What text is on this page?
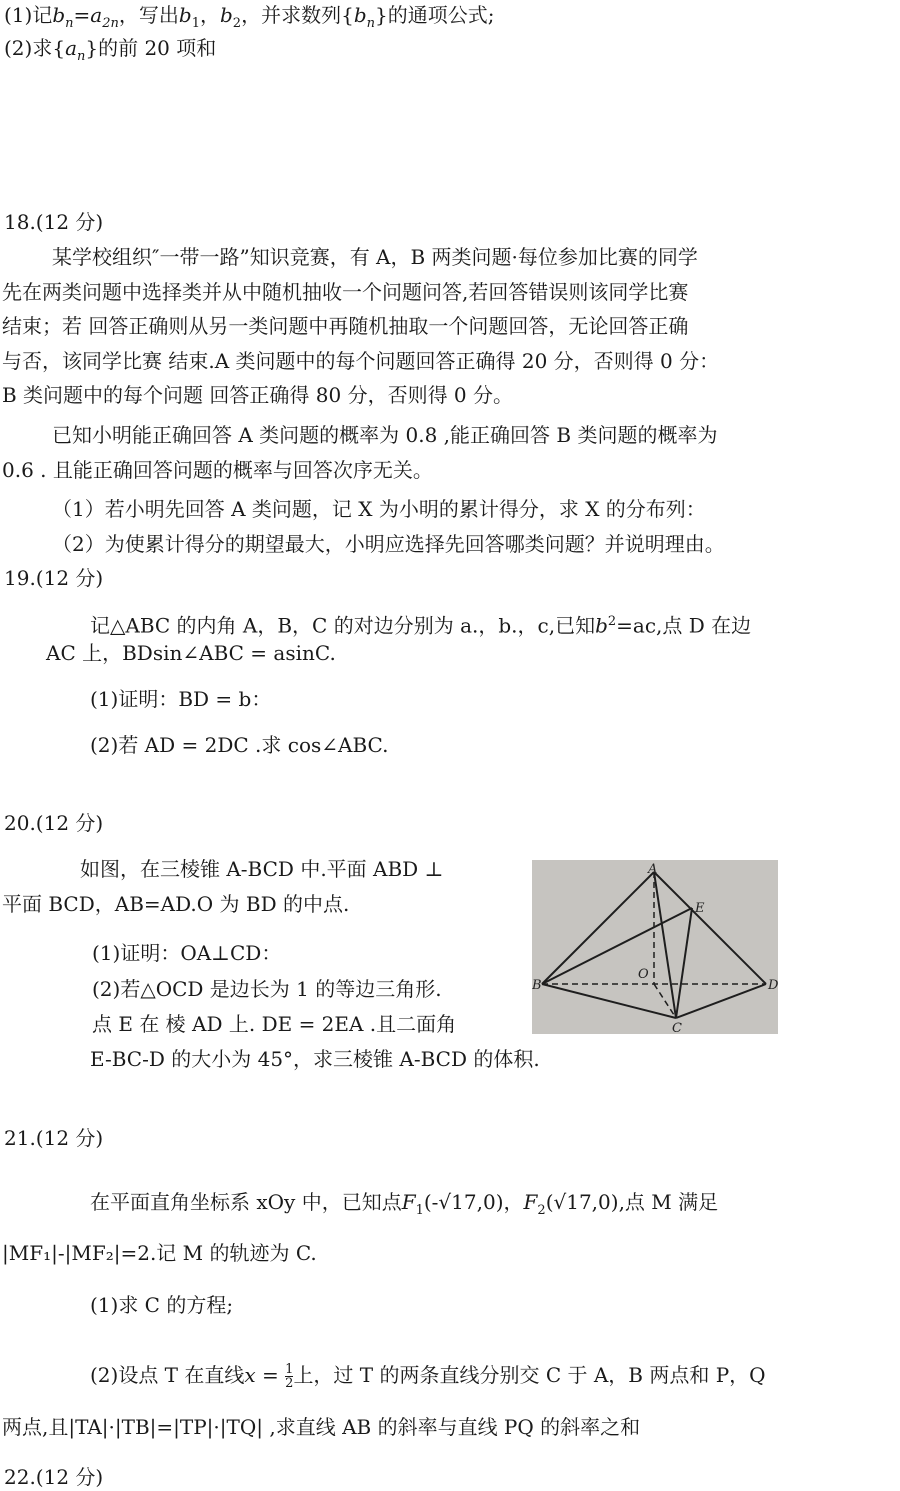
(1)记$b_n=a_{2n}$，写出$b_1$，$b_2$，并求数列$\{b_n\}$的通项公式;
(2)求$\{a_n\}$的前 20 项和
18.(12 分)
某学校组织″一带一路”知识竞赛，有 A，B 两类问题·每位参加比赛的同学
先在两类问题中选择类并从中随机抽收一个问题问答,若回答错误则该同学比赛
结束；若 回答正确则从另一类问题中再随机抽取一个问题回答，无论回答正确
与否，该同学比赛 结束.A 类问题中的每个问题回答正确得 20 分，否则得 0 分：
B 类问题中的每个问题 回答正确得 80 分，否则得 0 分。
已知小明能正确回答 A 类问题的概率为 0.8 ,能正确回答 B 类问题的概率为
0.6 . 且能正确回答问题的概率与回答次序无关。
（1）若小明先回答 A 类问题，记 X 为小明的累计得分，求 X 的分布列：
（2）为使累计得分的期望最大，小明应选择先回答哪类问题？并说明理由。
19.(12 分)
记△ABC 的内角 A，B，C 的对边分别为 a.，b.，c,已知$b^2=ac$,点 D 在边
AC 上，BDsin∠ABC = asinC.
(1)证明：BD = b：
(2)若 AD = 2DC .求 cos∠ABC.
20.(12 分)
如图，在三棱锥 A-BCD 中.平面 ABD ⊥
平面 BCD，AB=AD.O 为 BD 的中点.
(1)证明：OA⊥CD：
(2)若△OCD 是边长为 1 的等边三角形.
点 E 在 棱 AD 上. DE = 2EA .且二面角
E-BC-D 的大小为 45°，求三棱锥 A-BCD 的体积.
A
B
C
D
E
O
21.(12 分)
在平面直角坐标系 xOy 中，已知点$F_1(-√17,0)$，$F_2(√17,0)$,点 M 满足
|MF₁|-|MF₂|=2.记 M 的轨迹为 C.
(1)求 C 的方程;
(2)设点 T 在直线$x = \frac{1}{2}$ 上，过 T 的两条直线分别交 C 于 A，B 两点和 P，Q
两点,且|TA|·|TB|=|TP|·|TQ| ,求直线 AB 的斜率与直线 PQ 的斜率之和
22.(12 分)
